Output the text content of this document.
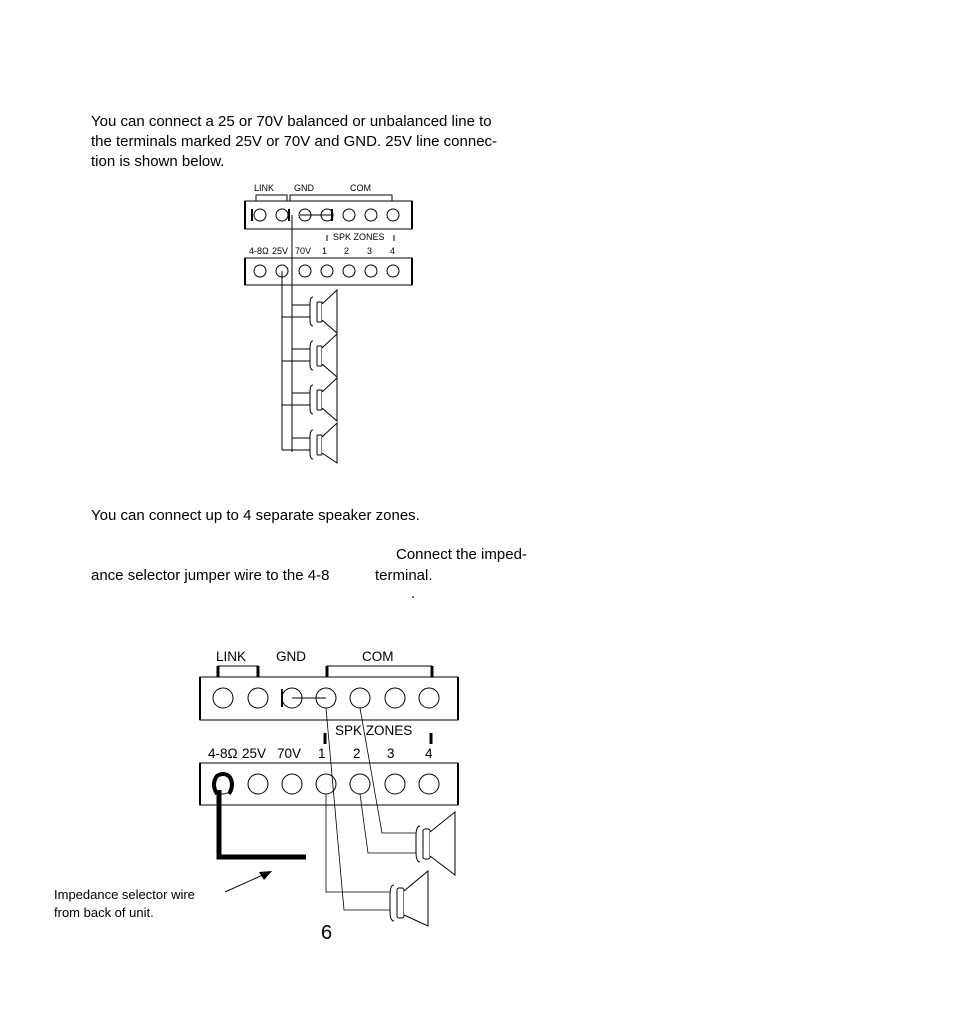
You can connect a 25 or 70V balanced or unbalanced line to
the terminals marked 25V or 70V and GND. 25V line connec-
tion is shown below.
You can connect up to 4 separate speaker zones.
Connect the imped-
ance selector jumper wire to the 4-8	terminal.
.
LINK GND	COM
SPK ZONES
4-8Ω 25V 70V 1 2 3 4
LINK GND	COM
SPK ZONES
4-8Ω 25V 70V 1 2 3 4
Impedance selector wire
from back of unit.
6
